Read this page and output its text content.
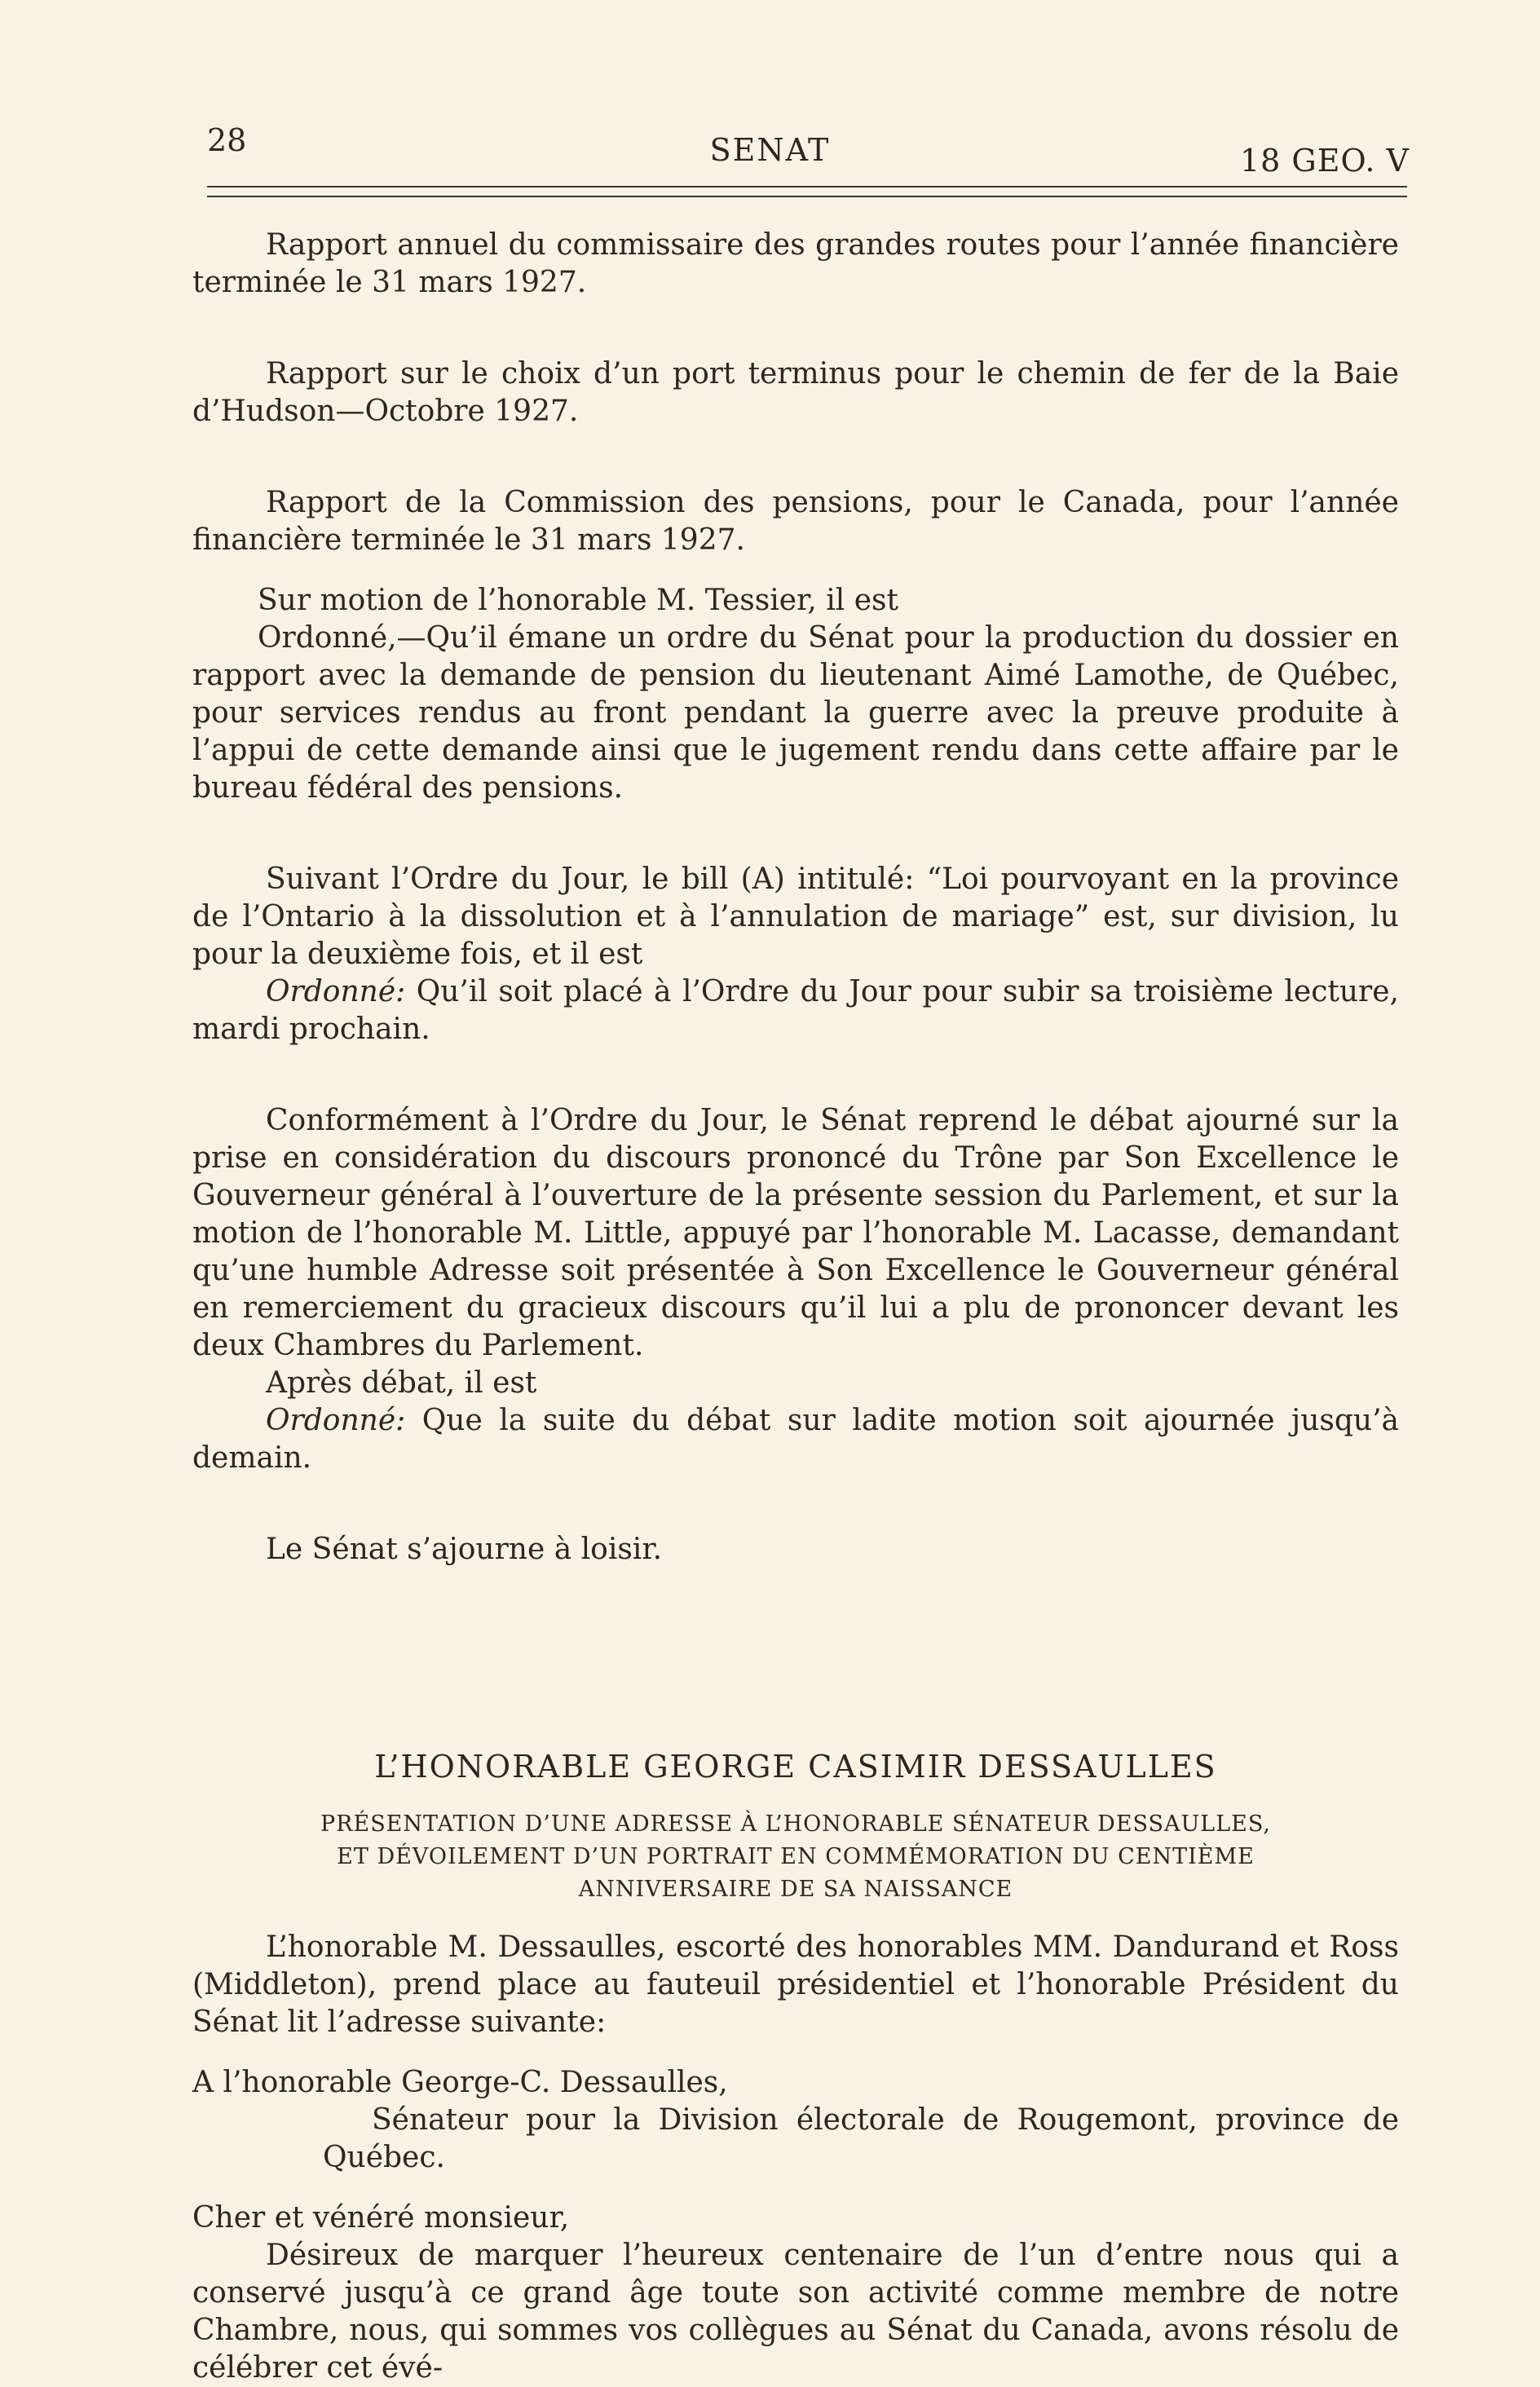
28	SENAT	18 GEO. V

Rapport annuel du commissaire des grandes routes pour l’année financière terminée le 31 mars 1927.

Rapport sur le choix d’un port terminus pour le chemin de fer de la Baie d’Hudson—Octobre 1927.

Rapport de la Commission des pensions, pour le Canada, pour l’année financière terminée le 31 mars 1927.

Sur motion de l’honorable M. Tessier, il est

Ordonné,—Qu’il émane un ordre du Sénat pour la production du dossier en rapport avec la demande de pension du lieutenant Aimé Lamothe, de Québec, pour services rendus au front pendant la guerre avec la preuve produite à l’appui de cette demande ainsi que le jugement rendu dans cette affaire par le bureau fédéral des pensions.

Suivant l’Ordre du Jour, le bill (A) intitulé: “Loi pourvoyant en la province de l’Ontario à la dissolution et à l’annulation de mariage” est, sur division, lu pour la deuxième fois, et il est

Ordonné: Qu’il soit placé à l’Ordre du Jour pour subir sa troisième lecture, mardi prochain.

Conformément à l’Ordre du Jour, le Sénat reprend le débat ajourné sur la prise en considération du discours prononcé du Trône par Son Excellence le Gouverneur général à l’ouverture de la présente session du Parlement, et sur la motion de l’honorable M. Little, appuyé par l’honorable M. Lacasse, demandant qu’une humble Adresse soit présentée à Son Excellence le Gouverneur général en remerciement du gracieux discours qu’il lui a plu de prononcer devant les deux Chambres du Parlement.

Après débat, il est

Ordonné: Que la suite du débat sur ladite motion soit ajournée jusqu’à demain.

Le Sénat s’ajourne à loisir.

L’HONORABLE GEORGE CASIMIR DESSAULLES

PRÉSENTATION D’UNE ADRESSE À L’HONORABLE SÉNATEUR DESSAULLES, ET DÉVOILEMENT D’UN PORTRAIT EN COMMÉMORATION DU CENTIÈME ANNIVERSAIRE DE SA NAISSANCE

L’honorable M. Dessaulles, escorté des honorables MM. Dandurand et Ross (Middleton), prend place au fauteuil présidentiel et l’honorable Président du Sénat lit l’adresse suivante:

A l’honorable George-C. Dessaulles,

Sénateur pour la Division électorale de Rougemont, province de Québec.

Cher et vénéré monsieur,

Désireux de marquer l’heureux centenaire de l’un d’entre nous qui a conservé jusqu’à ce grand âge toute son activité comme membre de notre Chambre, nous, qui sommes vos collègues au Sénat du Canada, avons résolu de célébrer cet évé-
